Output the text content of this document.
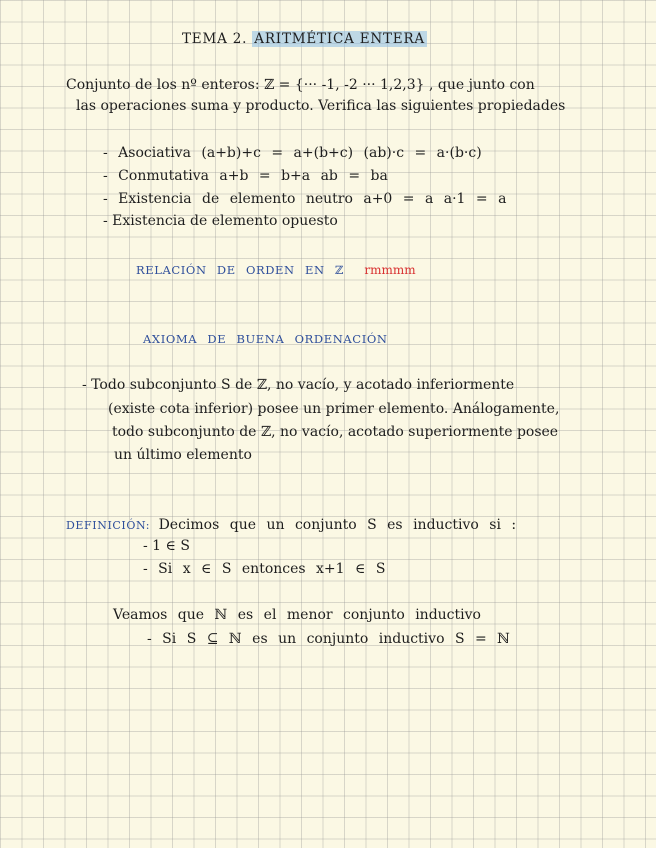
TEMA 2. ARITMÉTICA ENTERA
Conjunto de los nº enteros: ℤ = {··· -1, -2 ··· 1,2,3} , que junto con
las operaciones suma y producto. Verifica las siguientes propiedades
- Asociativa (a+b)+c = a+(b+c) (ab)·c = a·(b·c)
- Conmutativa a+b = b+a ab = ba
- Existencia de elemento neutro a+0 = a a·1 = a
- Existencia de elemento opuesto
RELACIÓN DE ORDEN EN ℤ rmmmm
AXIOMA DE BUENA ORDENACIÓN
- Todo subconjunto S de ℤ, no vacío, y acotado inferiormente
(existe cota inferior) posee un primer elemento. Análogamente,
todo subconjunto de ℤ, no vacío, acotado superiormente posee
un último elemento
DEFINICIÓN: Decimos que un conjunto S es inductivo si :
- 1 ∈ S
- Si x ∈ S entonces x+1 ∈ S
Veamos que ℕ es el menor conjunto inductivo
- Si S ⊆ ℕ es un conjunto inductivo S = ℕ
